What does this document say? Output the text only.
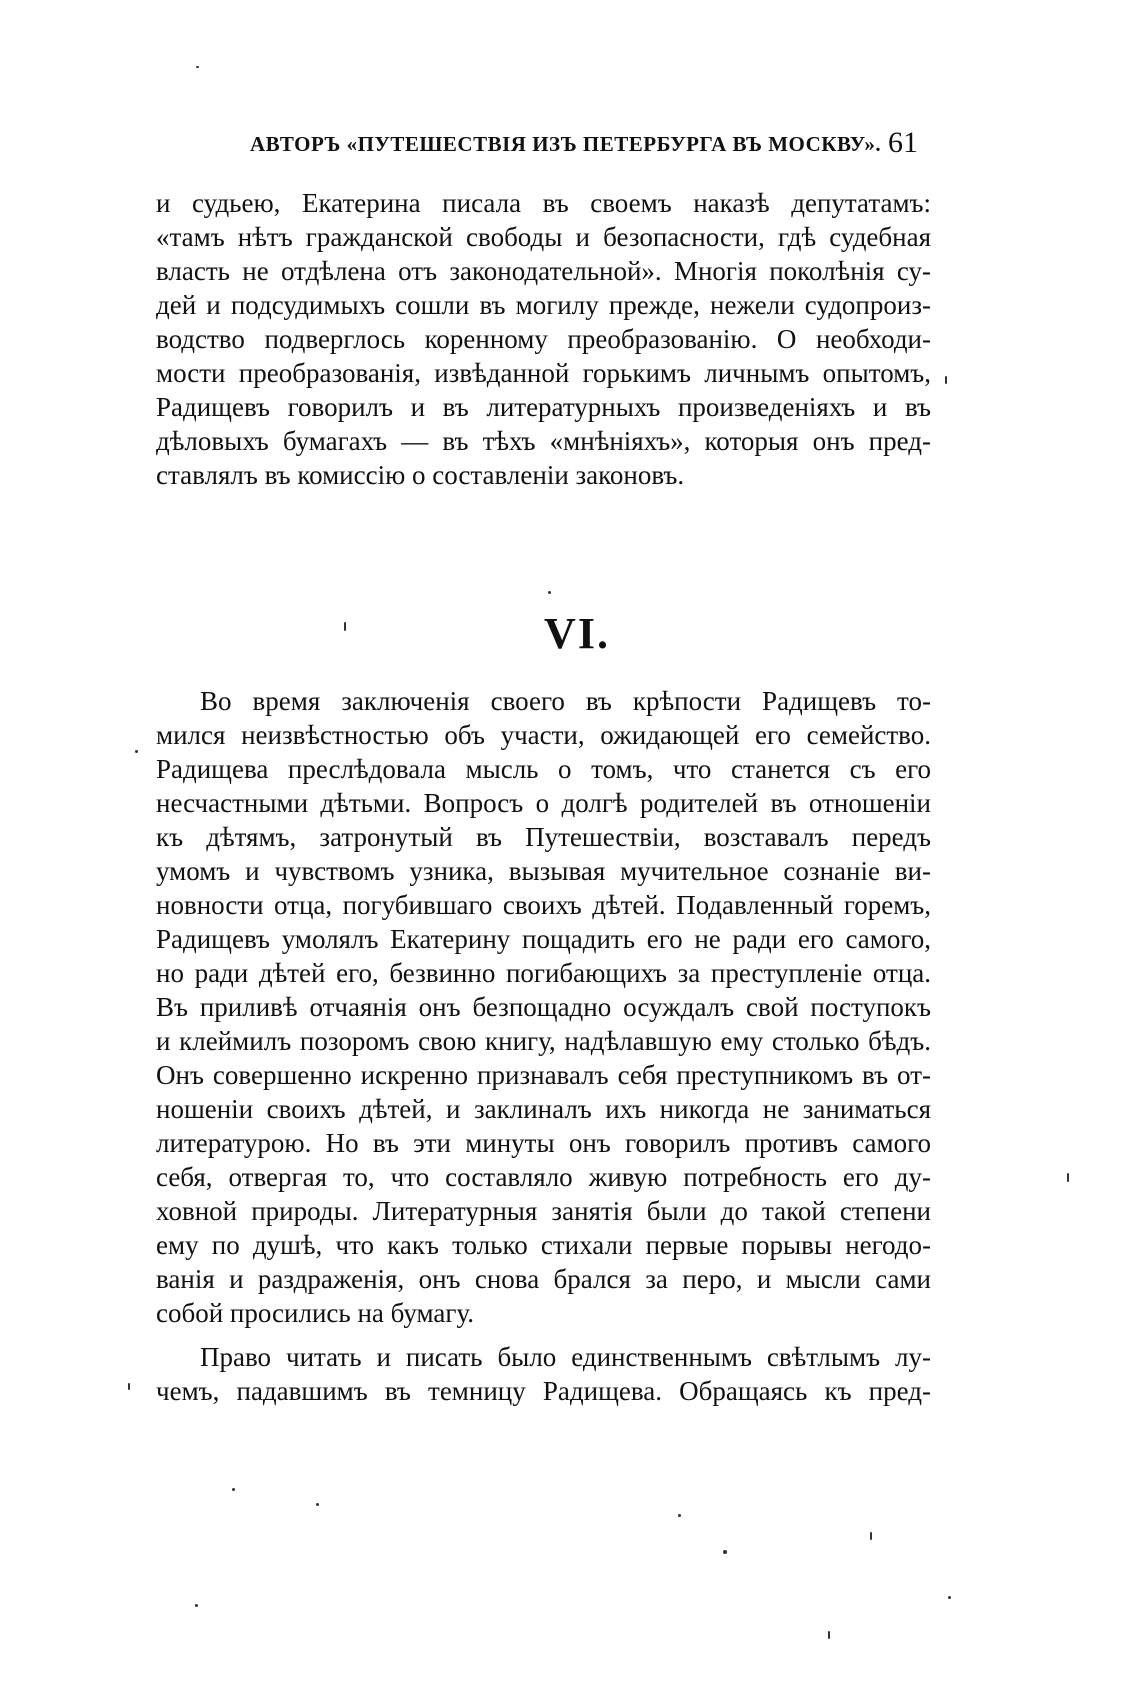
АВТОРЪ «ПУТЕШЕСТВІЯ ИЗЪ ПЕТЕРБУРГА ВЪ МОСКВУ». 61
и судьею, Екатерина писала въ своемъ наказѣ депутатамъ:
«тамъ нѣтъ гражданской свободы и безопасности, гдѣ судебная
власть не отдѣлена отъ законодательной». Многія поколѣнія су-
дей и подсудимыхъ сошли въ могилу прежде, нежели судопроиз-
водство подверглось коренному преобразованію. О необходи-
мости преобразованія, извѣданной горькимъ личнымъ опытомъ,
Радищевъ говорилъ и въ литературныхъ произведеніяхъ и въ
дѣловыхъ бумагахъ — въ тѣхъ «мнѣніяхъ», которыя онъ пред-
ставлялъ въ комиссію о составленіи законовъ.
VI.
Во время заключенія своего въ крѣпости Радищевъ то-
мился неизвѣстностью объ участи, ожидающей его семейство.
Радищева преслѣдовала мысль о томъ, что станется съ его
несчастными дѣтьми. Вопросъ о долгѣ родителей въ отношеніи
къ дѣтямъ, затронутый въ Путешествіи, возставалъ передъ
умомъ и чувствомъ узника, вызывая мучительное сознаніе ви-
новности отца, погубившаго своихъ дѣтей. Подавленный горемъ,
Радищевъ умолялъ Екатерину пощадить его не ради его самого,
но ради дѣтей его, безвинно погибающихъ за преступленіе отца.
Въ приливѣ отчаянія онъ безпощадно осуждалъ свой поступокъ
и клеймилъ позоромъ свою книгу, надѣлавшую ему столько бѣдъ.
Онъ совершенно искренно признавалъ себя преступникомъ въ от-
ношеніи своихъ дѣтей, и заклиналъ ихъ никогда не заниматься
литературою. Но въ эти минуты онъ говорилъ противъ самого
себя, отвергая то, что составляло живую потребность его ду-
ховной природы. Литературныя занятія были до такой степени
ему по душѣ, что какъ только стихали первые порывы негодо-
ванія и раздраженія, онъ снова брался за перо, и мысли сами
собой просились на бумагу.
Право читать и писать было единственнымъ свѣтлымъ лу-
чемъ, падавшимъ въ темницу Радищева. Обращаясь къ пред-
